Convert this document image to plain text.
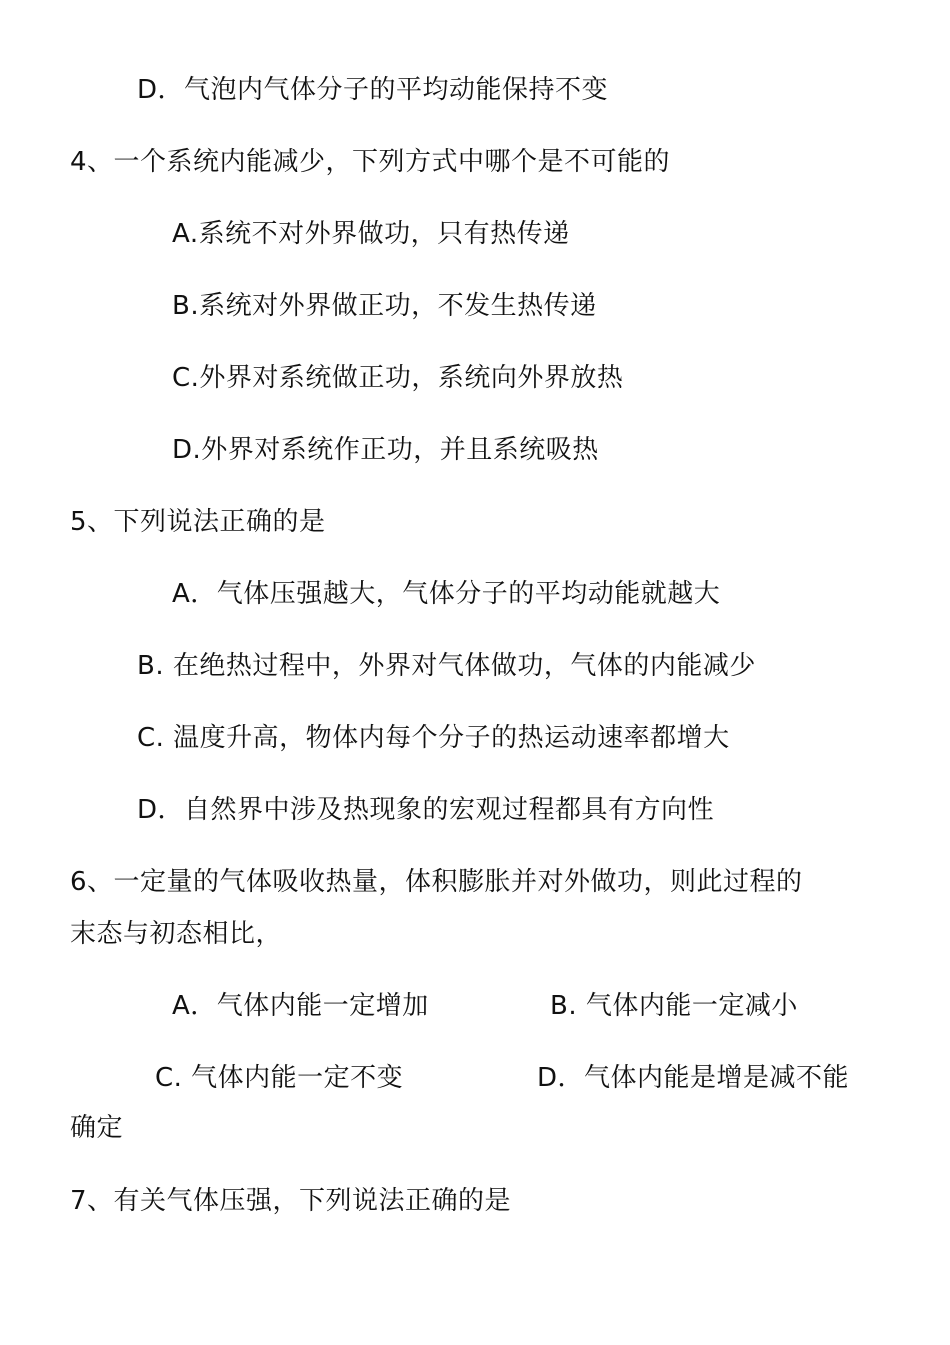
D．气泡内气体分子的平均动能保持不变
4、一个系统内能减少，下列方式中哪个是不可能的
A.系统不对外界做功，只有热传递
B.系统对外界做正功，不发生热传递
C.外界对系统做正功，系统向外界放热
D.外界对系统作正功，并且系统吸热
5、下列说法正确的是
A．气体压强越大，气体分子的平均动能就越大
B. 在绝热过程中，外界对气体做功，气体的内能减少
C. 温度升高，物体内每个分子的热运动速率都增大
D．自然界中涉及热现象的宏观过程都具有方向性
6、一定量的气体吸收热量，体积膨胀并对外做功，则此过程的
末态与初态相比，
A．气体内能一定增加	B. 气体内能一定减小
C. 气体内能一定不变	D．气体内能是增是减不能
确定
7、有关气体压强，下列说法正确的是
